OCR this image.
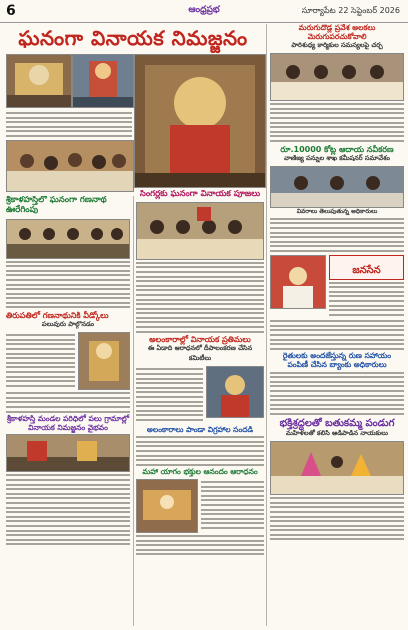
6	ఆంధ్రప్రభ	సూర్యాపేట 22 సెప్టెంబర్ 2026
ఘనంగా వినాయక నిమజ్జనం
శ్రీకాళహస్తిలో ఘనంగా గణనాథ ఊరేగింపు
తిరుపతిలో గణనాథునికి వీడ్కోలు
పలువురు పాల్గొనడం
శ్రీకాళహస్తి మండ‌ల పరిధిలో పలు గ్రామాల్లో
వినాయక నిమజ్జనం వైభవం
సింగర్లకు ఘనంగా వినాయక పూజలు
అలంకారాల్లో వినాయక ప్రతిమలు
ఈ ఏడాది ఆరాధనలో దీపాలంకరణ చేసిన కమిటీలు
అలంకారాలు పాండా విగ్రహాల సందడి
మహా యాగం భక్తుల ఆనందం ఆరాధనం
మరుగుదొడ్ల ప్రవేశ అలకలు మెరుగుపరచుకోవాలి
పారిశుధ్య కార్మికుల సమస్యలపై చర్చ
రూ.10000 కోట్ల ఆదాయ నవీకరణ
వాణిజ్య పన్నుల శాఖ కమీషనర్ సమావేశం
వివరాలు తెలుపుతున్న అధికారులు
జనసేన
రైతులకు అందజేస్తున్న రుణ సహాయం
పంపిణీ చేసిన బ్యాంకు అధికారులు
భక్తిశ్రద్ధలతో బతుకమ్మ పండుగ
మహిళలతో కలిసి ఆడిపాడిన నాయకులు
